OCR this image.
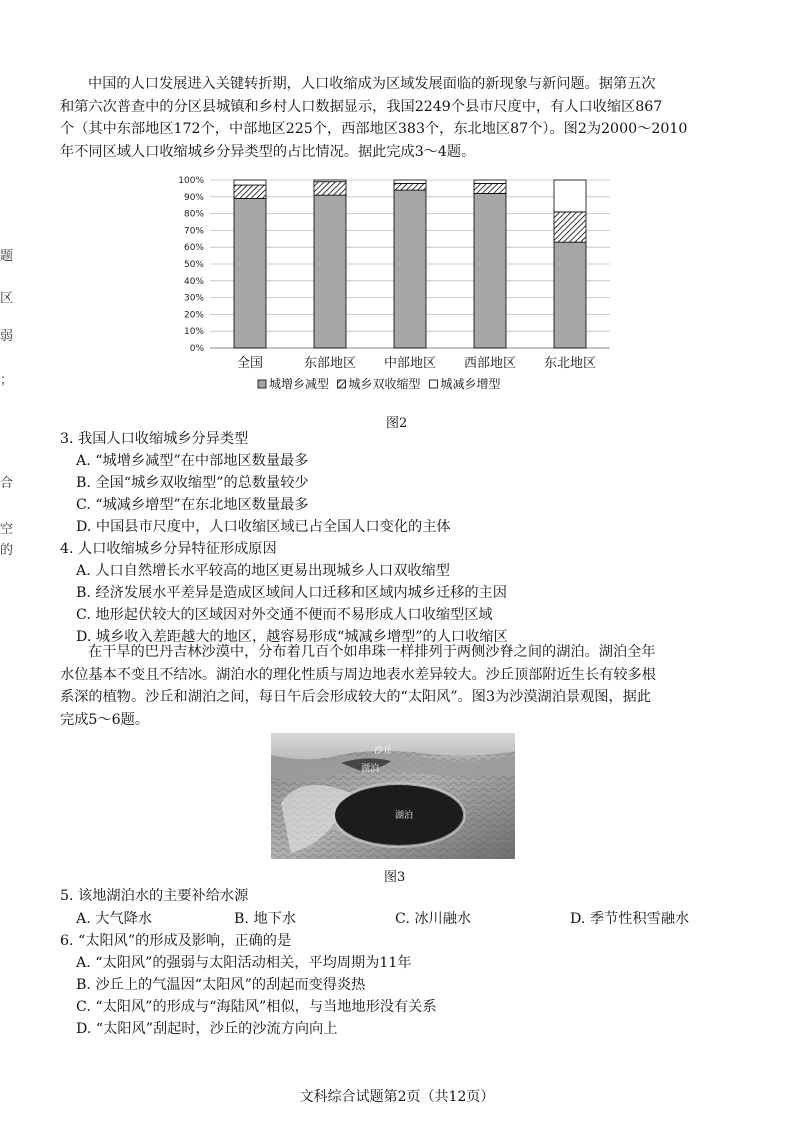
题
区
弱
；
合
空
的
中国的人口发展进入关键转折期，人口收缩成为区域发展面临的新现象与新问题。据第五次
和第六次普查中的分区县城镇和乡村人口数据显示，我国2249个县市尺度中，有人口收缩区867
个（其中东部地区172个，中部地区225个，西部地区383个，东北地区87个）。图2为2000～2010
年不同区域人口收缩城乡分异类型的占比情况。据此完成3～4题。
0%
10%
20%
30%
40%
50%
60%
70%
80%
90%
100%
全国	东部地区 中部地区 西部地区 东北地区
城增乡减型 城乡双收缩型 城减乡增型
图2
3. 我国人口收缩城乡分异类型
A. “城增乡减型”在中部地区数量最多
B. 全国“城乡双收缩型”的总数量较少
C. “城减乡增型”在东北地区数量最多
D. 中国县市尺度中，人口收缩区域已占全国人口变化的主体
4. 人口收缩城乡分异特征形成原因
A. 人口自然增长水平较高的地区更易出现城乡人口双收缩型
B. 经济发展水平差异是造成区域间人口迁移和区域内城乡迁移的主因
C. 地形起伏较大的区域因对外交通不便而不易形成人口收缩型区域
D. 城乡收入差距越大的地区，越容易形成“城减乡增型”的人口收缩区
在干旱的巴丹吉林沙漠中，分布着几百个如串珠一样排列于两侧沙脊之间的湖泊。湖泊全年
水位基本不变且不结冰。湖泊水的理化性质与周边地表水差异较大。沙丘顶部附近生长有较多根
系深的植物。沙丘和湖泊之间，每日午后会形成较大的“太阳风”。图3为沙漠湖泊景观图，据此
完成5～6题。
沙丘
湖泊
湖泊
图3
5. 该地湖泊水的主要补给水源
A. 大气降水	B. 地下水	C. 冰川融水	D. 季节性积雪融水
6. “太阳风”的形成及影响，正确的是
A. “太阳风”的强弱与太阳活动相关，平均周期为11年
B. 沙丘上的气温因“太阳风”的刮起而变得炎热
C. “太阳风”的形成与“海陆风”相似，与当地地形没有关系
D. “太阳风”刮起时，沙丘的沙流方向向上
文科综合试题第2页（共12页）
